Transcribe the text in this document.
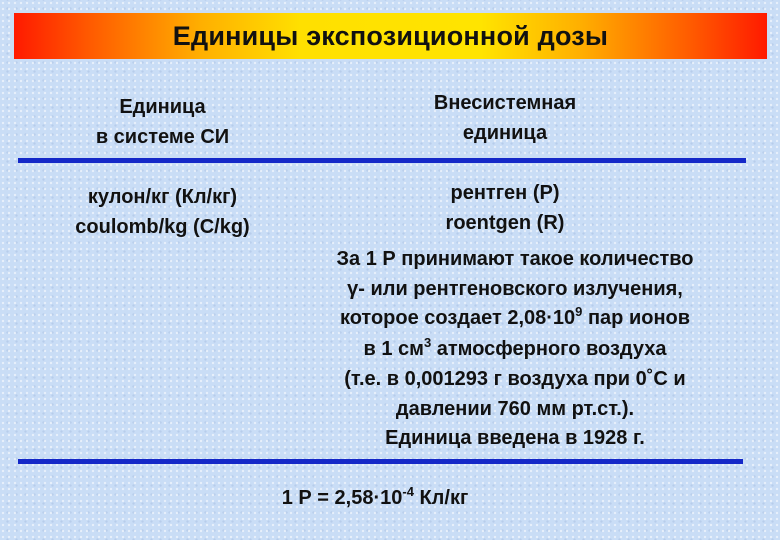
Единицы экспозиционной дозы
Единица
в системе СИ
Внесистемная
единица
кулон/кг (Кл/кг)
coulomb/kg (C/kg)
рентген (Р)
roentgen (R)
За 1 Р принимают такое количество
γ- или рентгеновского излучения,
которое создает $2,08\cdot 10^9$ пар ионов
в 1 $см^3$ атмосферного воздуха
(т.е. в 0,001293 г воздуха при 0˚С и
давлении 760 мм рт.ст.).
Единица введена в 1928 г.
1 $Р = 2,58\cdot 10^{-4}$ Кл/кг
